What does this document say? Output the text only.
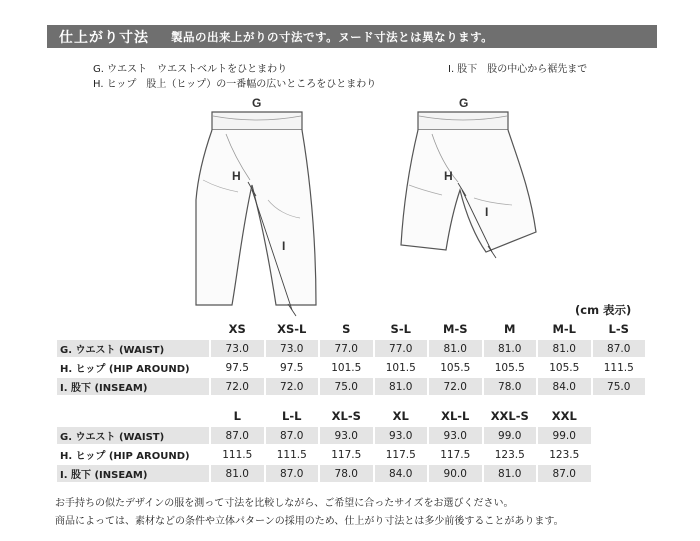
仕上がり寸法 製品の出来上がりの寸法です。ヌード寸法とは異なります。
G. ウエスト　ウエストベルトをひとまわり
H. ヒップ　股上（ヒップ）の一番幅の広いところをひとまわり
I. 股下　股の中心から裾先まで
G
H
I
G
H
I
(cm 表示)
	XS	XS-L	S	S-L	M-S	M	M-L	L-S
G. ウエスト (WAIST)	73.0	73.0	77.0	77.0	81.0	81.0	81.0	87.0
H. ヒップ (HIP AROUND)	97.5	97.5	101.5	101.5	105.5	105.5	105.5	111.5
I. 股下 (INSEAM)	72.0	72.0	75.0	81.0	72.0	78.0	84.0	75.0
	L	L-L	XL-S	XL	XL-L	XXL-S	XXL	
G. ウエスト (WAIST)	87.0	87.0	93.0	93.0	93.0	99.0	99.0	
H. ヒップ (HIP AROUND)	111.5	111.5	117.5	117.5	117.5	123.5	123.5	
I. 股下 (INSEAM)	81.0	87.0	78.0	84.0	90.0	81.0	87.0	
お手持ちの似たデザインの服を測って寸法を比較しながら、ご希望に合ったサイズをお選びください。
商品によっては、素材などの条件や立体パターンの採用のため、仕上がり寸法とは多少前後することがあります。
